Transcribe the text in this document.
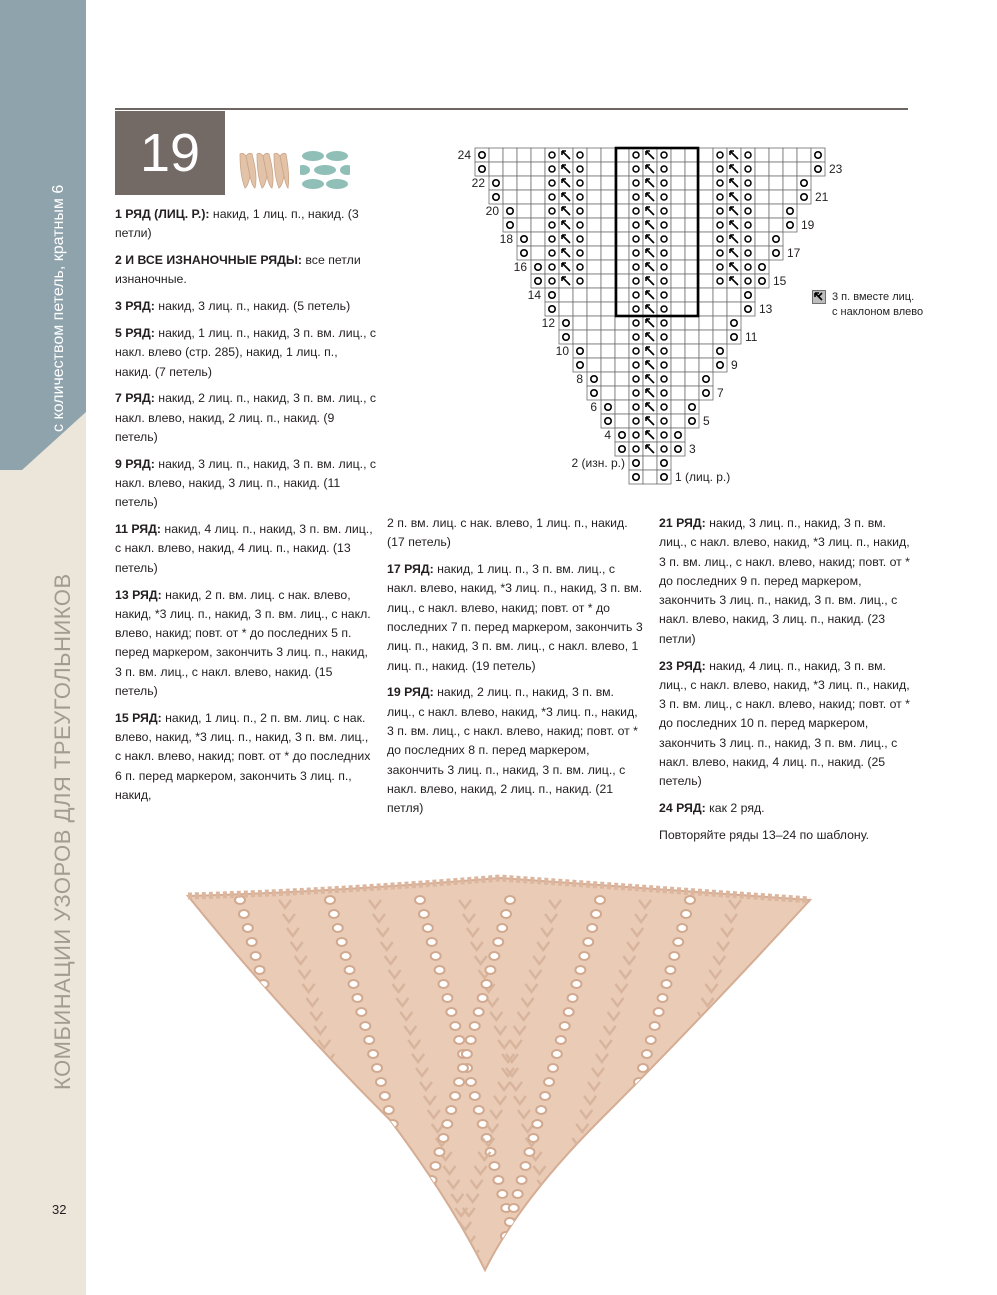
с количеством петель, кратным 6
КОМБИНАЦИИ УЗОРОВ ДЛЯ ТРЕУГОЛЬНИКОВ
32
19	24
23
22
21
20
19
18
17
16
15
14
13
12
11
10
9
8
7
6
5
4
3
2 (изн. р.)
1 (лиц. р.)
3 п. вместе лиц.
с наклоном влево

1 РЯД (ЛИЦ. Р.): накид, 1 лиц. п., накид. (3 петли)

2 И ВСЕ ИЗНАНОЧНЫЕ РЯДЫ: все петли изнаночные.

3 РЯД: накид, 3 лиц. п., накид. (5 петель)

5 РЯД: накид, 1 лиц. п., накид, 3 п. вм. лиц., с накл. влево (стр. 285), накид, 1 лиц. п., накид. (7 петель)

7 РЯД: накид, 2 лиц. п., накид, 3 п. вм. лиц., с накл. влево, накид, 2 лиц. п., накид. (9 петель)

9 РЯД: накид, 3 лиц. п., накид, 3 п. вм. лиц., с накл. влево, накид, 3 лиц. п., накид. (11 петель)

11 РЯД: накид, 4 лиц. п., накид, 3 п. вм. лиц., с накл. влево, накид, 4 лиц. п., накид. (13 петель)

13 РЯД: накид, 2 п. вм. лиц. с нак. влево, накид, *3 лиц. п., накид, 3 п. вм. лиц., с накл. влево, накид; повт. от * до последних 5 п. перед маркером, закончить 3 лиц. п., накид, 3 п. вм. лиц., с накл. влево, накид. (15 петель)

15 РЯД: накид, 1 лиц. п., 2 п. вм. лиц. с нак. влево, накид, *3 лиц. п., накид, 3 п. вм. лиц., с накл. влево, накид; повт. от * до последних 6 п. перед маркером, закончить 3 лиц. п., накид,

2 п. вм. лиц. с нак. влево, 1 лиц. п., накид. (17 петель)

17 РЯД: накид, 1 лиц. п., 3 п. вм. лиц., с накл. влево, накид, *3 лиц. п., накид, 3 п. вм. лиц., с накл. влево, накид; повт. от * до последних 7 п. перед маркером, закончить 3 лиц. п., накид, 3 п. вм. лиц., с накл. влево, 1 лиц. п., накид. (19 петель)

19 РЯД: накид, 2 лиц. п., накид, 3 п. вм. лиц., с накл. влево, накид, *3 лиц. п., накид, 3 п. вм. лиц., с накл. влево, накид; повт. от * до последних 8 п. перед маркером, закончить 3 лиц. п., накид, 3 п. вм. лиц., с накл. влево, накид, 2 лиц. п., накид. (21 петля)

21 РЯД: накид, 3 лиц. п., накид, 3 п. вм. лиц., с накл. влево, накид, *3 лиц. п., накид, 3 п. вм. лиц., с накл. влево, накид; повт. от * до последних 9 п. перед маркером, закончить 3 лиц. п., накид, 3 п. вм. лиц., с накл. влево, накид, 3 лиц. п., накид. (23 петли)

23 РЯД: накид, 4 лиц. п., накид, 3 п. вм. лиц., с накл. влево, накид, *3 лиц. п., накид, 3 п. вм. лиц., с накл. влево, накид; повт. от * до последних 10 п. перед маркером, закончить 3 лиц. п., накид, 3 п. вм. лиц., с накл. влево, накид, 4 лиц. п., накид. (25 петель)

24 РЯД: как 2 ряд.

Повторяйте ряды 13–24 по шаблону.
